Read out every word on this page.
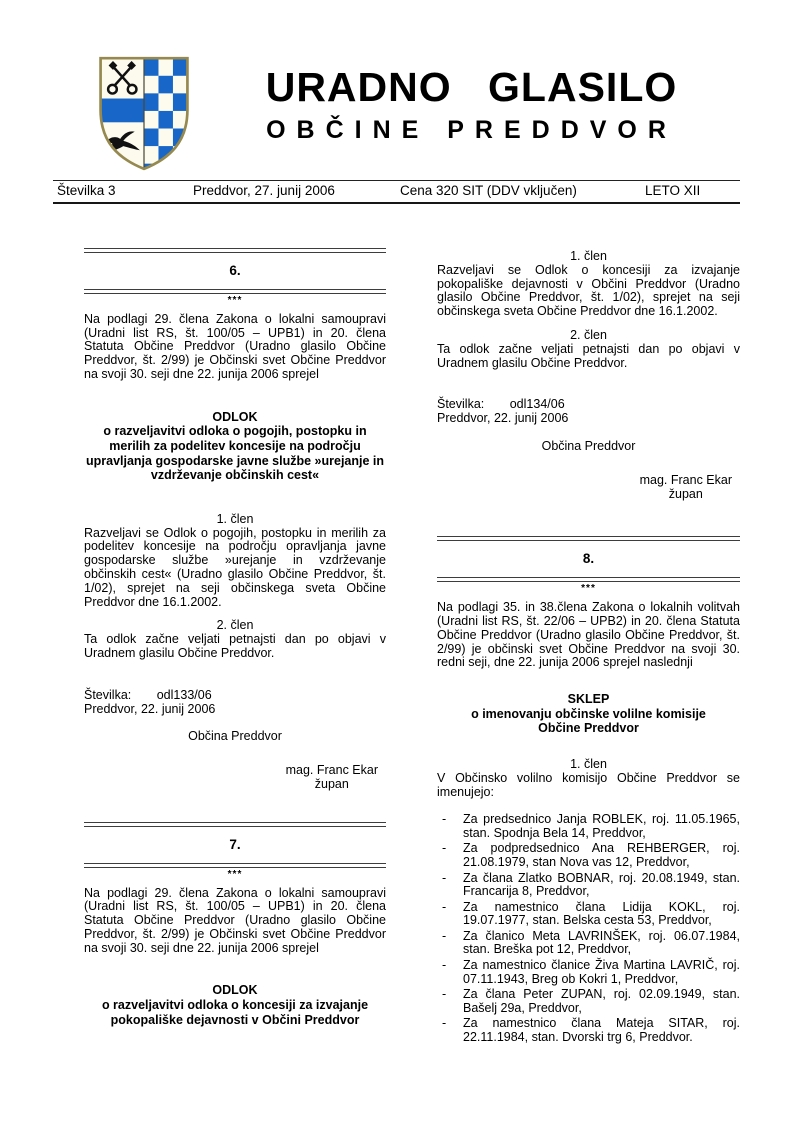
URADNO GLASILO
OBČINE PREDDVOR
Številka 3	Preddvor, 27. junij 2006	Cena 320 SIT (DDV vključen)	LETO XII
6.
***

Na podlagi 29. člena Zakona o lokalni samoupravi (Uradni list RS, št. 100/05 – UPB1) in 20. člena Statuta Občine Preddvor (Uradno glasilo Občine Preddvor, št. 2/99) je Občinski svet Občine Preddvor na svoji 30. seji dne 22. junija 2006 sprejel

ODLOK
o razveljavitvi odloka o pogojih, postopku in merilih za podelitev koncesije na področju upravljanja gospodarske javne službe »urejanje in vzdrževanje občinskih cest«
1. člen

Razveljavi se Odlok o pogojih, postopku in merilih za podelitev koncesije na področju opravljanja javne gospodarske službe »urejanje in vzdrževanje občinskih cest« (Uradno glasilo Občine Preddvor, št. 1/02), sprejet na seji občinskega sveta Občine Preddvor dne 16.1.2002.

2. člen

Ta odlok začne veljati petnajsti dan po objavi v Uradnem glasilu Občine Preddvor.

Številka: odl133/06
Preddvor, 22. junij 2006
Občina Preddvor
mag. Franc Ekar
župan
7.
***

Na podlagi 29. člena Zakona o lokalni samoupravi (Uradni list RS, št. 100/05 – UPB1) in 20. člena Statuta Občine Preddvor (Uradno glasilo Občine Preddvor, št. 2/99) je Občinski svet Občine Preddvor na svoji 30. seji dne 22. junija 2006 sprejel

ODLOK
o razveljavitvi odloka o koncesiji za izvajanje pokopališke dejavnosti v Občini Preddvor
1. člen

Razveljavi se Odlok o koncesiji za izvajanje pokopališke dejavnosti v Občini Preddvor (Uradno glasilo Občine Preddvor, št. 1/02), sprejet na seji občinskega sveta Občine Preddvor dne 16.1.2002.

2. člen

Ta odlok začne veljati petnajsti dan po objavi v Uradnem glasilu Občine Preddvor.

Številka: odl134/06
Preddvor, 22. junij 2006
Občina Preddvor
mag. Franc Ekar
župan
8.
***

Na podlagi 35. in 38.člena Zakona o lokalnih volitvah (Uradni list RS, št. 22/06 – UPB2) in 20. člena Statuta Občine Preddvor (Uradno glasilo Občine Preddvor, št. 2/99) je občinski svet Občine Preddvor na svoji 30. redni seji, dne 22. junija 2006 sprejel naslednji

SKLEP
o imenovanju občinske volilne komisije
Občine Preddvor
1. člen

V Občinsko volilno komisijo Občine Preddvor se imenujejo:

-	Za predsednico Janja ROBLEK, roj. 11.05.1965, stan. Spodnja Bela 14, Preddvor,
-	Za podpredsednico Ana REHBERGER, roj. 21.08.1979, stan Nova vas 12, Preddvor,
-	Za člana Zlatko BOBNAR, roj. 20.08.1949, stan. Francarija 8, Preddvor,
-	Za namestnico člana Lidija KOKL, roj. 19.07.1977, stan. Belska cesta 53, Preddvor,
-	Za članico Meta LAVRINŠEK, roj. 06.07.1984, stan. Breška pot 12, Preddvor,
-	Za namestnico članice Živa Martina LAVRIČ, roj. 07.11.1943, Breg ob Kokri 1, Preddvor,
-	Za člana Peter ZUPAN, roj. 02.09.1949, stan. Bašelj 29a, Preddvor,
-	Za namestnico člana Mateja SITAR, roj. 22.11.1984, stan. Dvorski trg 6, Preddvor.
